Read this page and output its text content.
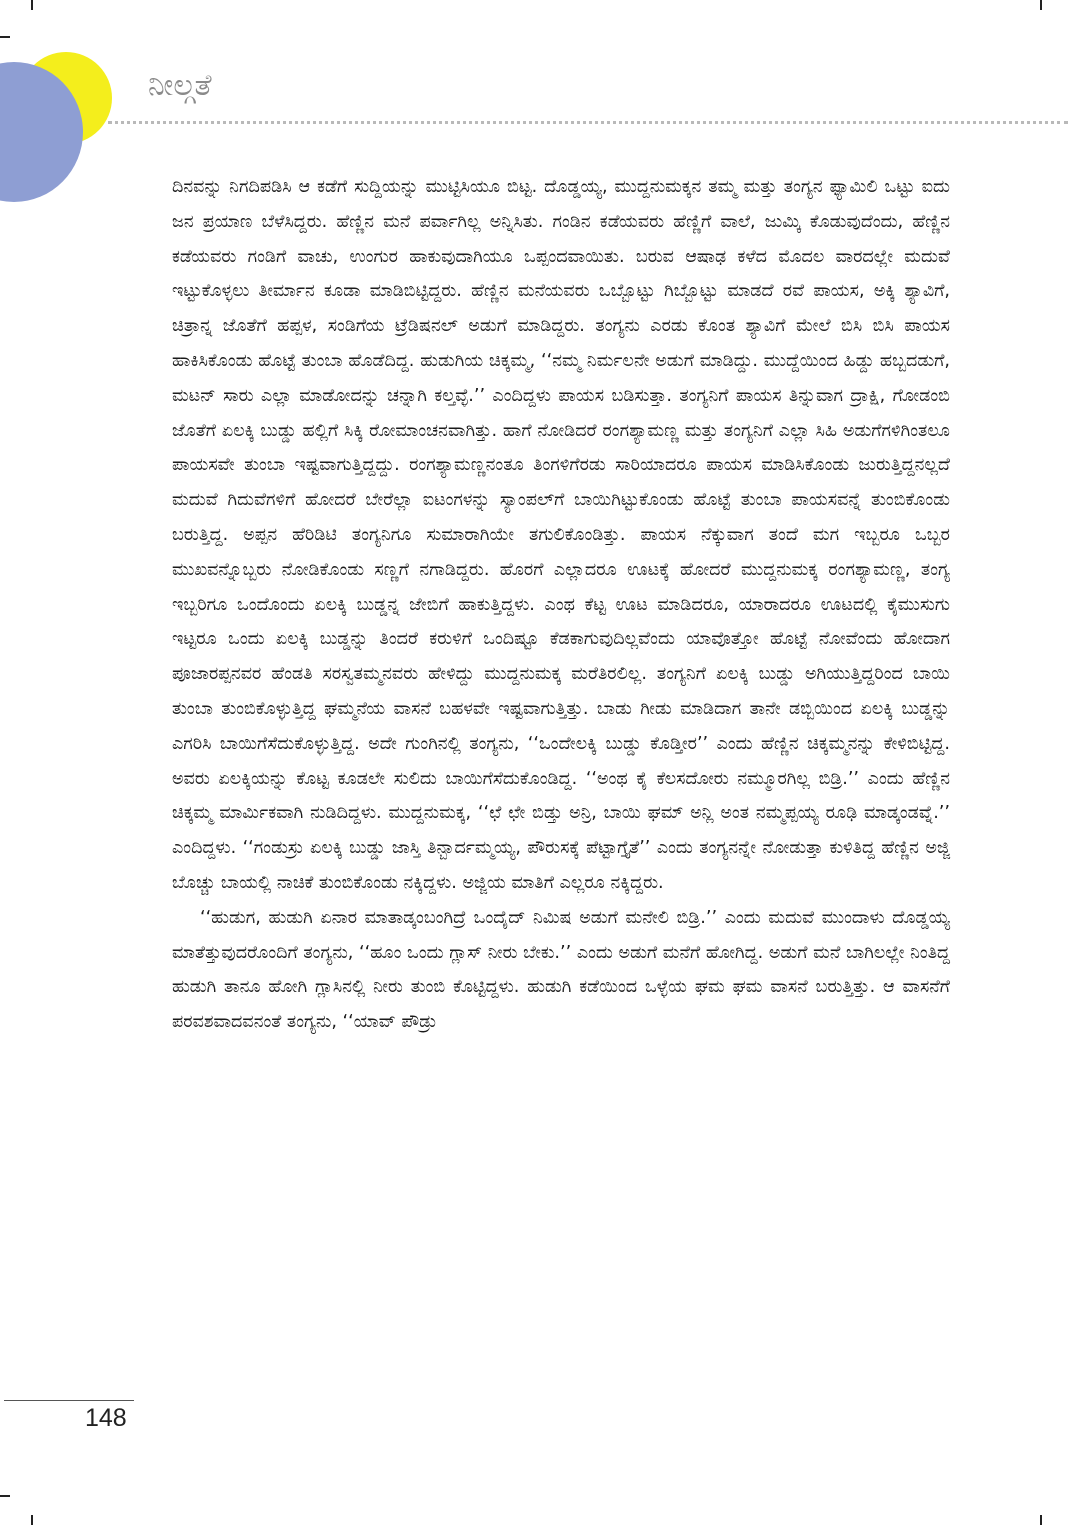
ನೀಲ್ಗತೆ

ದಿನವನ್ನು ನಿಗದಿಪಡಿಸಿ ಆ ಕಡೆಗೆ ಸುದ್ದಿಯನ್ನು ಮುಟ್ಟಿಸಿಯೂ ಬಿಟ್ಟ. ದೊಡ್ಡಯ್ಯ, ಮುದ್ದನುಮಕ್ಕನ ತಮ್ಮ ಮತ್ತು ತಂಗ್ಯನ ಫ್ಯಾಮಿಲಿ ಒಟ್ಟು ಐದು ಜನ ಪ್ರಯಾಣ ಬೆಳೆಸಿದ್ದರು. ಹೆಣ್ಣಿನ ಮನೆ ಪರ್ವಾಗಿಲ್ಲ ಅನ್ನಿಸಿತು. ಗಂಡಿನ ಕಡೆಯವರು ಹೆಣ್ಣಿಗೆ ವಾಲೆ, ಜುಮ್ಕಿ ಕೊಡುವುದೆಂದು, ಹೆಣ್ಣಿನ ಕಡೆಯವರು ಗಂಡಿಗೆ ವಾಚು, ಉಂಗುರ ಹಾಕುವುದಾಗಿಯೂ ಒಪ್ಪಂದವಾಯಿತು. ಬರುವ ಆಷಾಢ ಕಳೆದ ಮೊದಲ ವಾರದಲ್ಲೇ ಮದುವೆ ಇಟ್ಟುಕೊಳ್ಳಲು ತೀರ್ಮಾನ ಕೂಡಾ ಮಾಡಿಬಿಟ್ಟಿದ್ದರು. ಹೆಣ್ಣಿನ ಮನೆಯವರು ಒಬ್ಬೊಟ್ಟು ಗಿಬ್ಬೊಟ್ಟು ಮಾಡದೆ ರವೆ ಪಾಯಸ, ಅಕ್ಕಿ ಶ್ಯಾವಿಗೆ, ಚಿತ್ರಾನ್ನ ಜೊತೆಗೆ ಹಪ್ಪಳ, ಸಂಡಿಗೆಯ ಟ್ರೆಡಿಷನಲ್ ಅಡುಗೆ ಮಾಡಿದ್ದರು. ತಂಗ್ಯನು ಎರಡು ಕೊಂತ ಶ್ಯಾವಿಗೆ ಮೇಲೆ ಬಿಸಿ ಬಿಸಿ ಪಾಯಸ ಹಾಕಿಸಿಕೊಂಡು ಹೊಟ್ಟೆ ತುಂಬಾ ಹೊಡೆದಿದ್ದ. ಹುಡುಗಿಯ ಚಿಕ್ಕಮ್ಮ, ‘‘ನಮ್ಮ ನಿರ್ಮಲನೇ ಅಡುಗೆ ಮಾಡಿದ್ದು. ಮುದ್ದೆಯಿಂದ ಹಿಡ್ದು ಹಬ್ಬದಡುಗೆ, ಮಟನ್ ಸಾರು ಎಲ್ಲಾ ಮಾಡೋದನ್ನು ಚನ್ನಾಗಿ ಕಲ್ತವ್ಳೆ.’’ ಎಂದಿದ್ದಳು ಪಾಯಸ ಬಡಿಸುತ್ತಾ. ತಂಗ್ಯನಿಗೆ ಪಾಯಸ ತಿನ್ನುವಾಗ ದ್ರಾಕ್ಷಿ, ಗೋಡಂಬಿ ಜೊತೆಗೆ ಏಲಕ್ಕಿ ಬುಡ್ಡು ಹಲ್ಲಿಗೆ ಸಿಕ್ಕಿ ರೋಮಾಂಚನವಾಗಿತ್ತು. ಹಾಗೆ ನೋಡಿದರೆ ರಂಗಶ್ಯಾಮಣ್ಣ ಮತ್ತು ತಂಗ್ಯನಿಗೆ ಎಲ್ಲಾ ಸಿಹಿ ಅಡುಗೆಗಳಿಗಿಂತಲೂ ಪಾಯಸವೇ ತುಂಬಾ ಇಷ್ಟವಾಗುತ್ತಿದ್ದದ್ದು. ರಂಗಶ್ಯಾಮಣ್ಣನಂತೂ ತಿಂಗಳಿಗೆರಡು ಸಾರಿಯಾದರೂ ಪಾಯಸ ಮಾಡಿಸಿಕೊಂಡು ಜುರುತ್ತಿದ್ದನಲ್ಲದೆ ಮದುವೆ ಗಿದುವೆಗಳಿಗೆ ಹೋದರೆ ಬೇರೆಲ್ಲಾ ಐಟಂಗಳನ್ನು ಸ್ಯಾಂಪಲ್‌ಗೆ ಬಾಯಿಗಿಟ್ಟುಕೊಂಡು ಹೊಟ್ಟೆ ತುಂಬಾ ಪಾಯಸವನ್ನೆ ತುಂಬಿಕೊಂಡು ಬರುತ್ತಿದ್ದ. ಅಪ್ಪನ ಹೆರಿಡಿಟಿ ತಂಗ್ಯನಿಗೂ ಸುಮಾರಾಗಿಯೇ ತಗುಲಿಕೊಂಡಿತ್ತು. ಪಾಯಸ ನೆಕ್ಕುವಾಗ ತಂದೆ ಮಗ ಇಬ್ಬರೂ ಒಬ್ಬರ ಮುಖವನ್ನೊಬ್ಬರು ನೋಡಿಕೊಂಡು ಸಣ್ಣಗೆ ನಗಾಡಿದ್ದರು. ಹೊರಗೆ ಎಲ್ಲಾದರೂ ಊಟಕ್ಕೆ ಹೋದರೆ ಮುದ್ದನುಮಕ್ಕ ರಂಗಶ್ಯಾಮಣ್ಣ, ತಂಗ್ಯ ಇಬ್ಬರಿಗೂ ಒಂದೊಂದು ಏಲಕ್ಕಿ ಬುಡ್ಡನ್ನ ಜೇಬಿಗೆ ಹಾಕುತ್ತಿದ್ದಳು. ಎಂಥ ಕೆಟ್ಟ ಊಟ ಮಾಡಿದರೂ, ಯಾರಾದರೂ ಊಟದಲ್ಲಿ ಕೈಮುಸುಗು ಇಟ್ಟರೂ ಒಂದು ಏಲಕ್ಕಿ ಬುಡ್ಡನ್ನು ತಿಂದರೆ ಕರುಳಿಗೆ ಒಂದಿಷ್ಟೂ ಕೆಡಕಾಗುವುದಿಲ್ಲವೆಂದು ಯಾವೊತ್ತೋ ಹೊಟ್ಟೆ ನೋವೆಂದು ಹೋದಾಗ ಪೂಜಾರಪ್ಪನವರ ಹೆಂಡತಿ ಸರಸ್ವತಮ್ಮನವರು ಹೇಳಿದ್ದು ಮುದ್ದನುಮಕ್ಕ ಮರೆತಿರಲಿಲ್ಲ. ತಂಗ್ಯನಿಗೆ ಏಲಕ್ಕಿ ಬುಡ್ಡು ಅಗಿಯುತ್ತಿದ್ದರಿಂದ ಬಾಯಿ ತುಂಬಾ ತುಂಬಿಕೊಳ್ಳುತ್ತಿದ್ದ ಘಮ್ಮನೆಯ ವಾಸನೆ ಬಹಳವೇ ಇಷ್ಟವಾಗುತ್ತಿತ್ತು. ಬಾಡು ಗೀಡು ಮಾಡಿದಾಗ ತಾನೇ ಡಬ್ಬಿಯಿಂದ ಏಲಕ್ಕಿ ಬುಡ್ಡನ್ನು ಎಗರಿಸಿ ಬಾಯಿಗೆಸೆದುಕೊಳ್ಳುತ್ತಿದ್ದ. ಅದೇ ಗುಂಗಿನಲ್ಲಿ ತಂಗ್ಯನು, ‘‘ಒಂದೇಲಕ್ಕಿ ಬುಡ್ಡು ಕೊಡ್ತೀರ’’ ಎಂದು ಹೆಣ್ಣಿನ ಚಿಕ್ಕಮ್ಮನನ್ನು ಕೇಳಿಬಿಟ್ಟಿದ್ದ. ಅವರು ಏಲಕ್ಕಿಯನ್ನು ಕೊಟ್ಟ ಕೂಡಲೇ ಸುಲಿದು ಬಾಯಿಗೆಸೆದುಕೊಂಡಿದ್ದ. ‘‘ಅಂಥ ಕೈ ಕೆಲಸದೋರು ನಮ್ಮೂರಗಿಲ್ಲ ಬಿಡ್ರಿ.’’ ಎಂದು ಹೆಣ್ಣಿನ ಚಿಕ್ಕಮ್ಮ ಮಾರ್ಮಿಕವಾಗಿ ನುಡಿದಿದ್ದಳು. ಮುದ್ದನುಮಕ್ಕ, ‘‘ಛೆ ಛೇ ಬಿಡ್ತು ಅನ್ರಿ, ಬಾಯಿ ಘಮ್ ಅನ್ಲಿ ಅಂತ ನಮ್ಮಪ್ಪಯ್ಯ ರೂಢಿ ಮಾಡ್ಕಂಡವ್ನೆ.’’ ಎಂದಿದ್ದಳು. ‘‘ಗಂಡುಸ್ರು ಏಲಕ್ಕಿ ಬುಡ್ಡು ಜಾಸ್ತಿ ತಿನ್ಬಾರ್ದಮ್ಮಯ್ಯ, ಪೌರುಸಕ್ಕೆ ಪೆಟ್ಟಾಗ್ತೈತೆ’’ ಎಂದು ತಂಗ್ಯನನ್ನೇ ನೋಡುತ್ತಾ ಕುಳಿತಿದ್ದ ಹೆಣ್ಣಿನ ಅಜ್ಜಿ ಬೊಚ್ಚು ಬಾಯಲ್ಲಿ ನಾಚಿಕೆ ತುಂಬಿಕೊಂಡು ನಕ್ಕಿದ್ದಳು. ಅಜ್ಜಿಯ ಮಾತಿಗೆ ಎಲ್ಲರೂ ನಕ್ಕಿದ್ದರು.

‘‘ಹುಡುಗ, ಹುಡುಗಿ ಏನಾರ ಮಾತಾಡ್ಕಂಬಂಗಿದ್ರೆ ಒಂದೈದ್ ನಿಮಿಷ ಅಡುಗೆ ಮನೇಲಿ ಬಿಡ್ರಿ.’’ ಎಂದು ಮದುವೆ ಮುಂದಾಳು ದೊಡ್ಡಯ್ಯ ಮಾತೆತ್ತುವುದರೊಂದಿಗೆ ತಂಗ್ಯನು, ‘‘ಹೂಂ ಒಂದು ಗ್ಲಾಸ್ ನೀರು ಬೇಕು.’’ ಎಂದು ಅಡುಗೆ ಮನೆಗೆ ಹೋಗಿದ್ದ. ಅಡುಗೆ ಮನೆ ಬಾಗಿಲಲ್ಲೇ ನಿಂತಿದ್ದ ಹುಡುಗಿ ತಾನೂ ಹೋಗಿ ಗ್ಲಾಸಿನಲ್ಲಿ ನೀರು ತುಂಬಿ ಕೊಟ್ಟಿದ್ದಳು. ಹುಡುಗಿ ಕಡೆಯಿಂದ ಒಳ್ಳೆಯ ಘಮ ಘಮ ವಾಸನೆ ಬರುತ್ತಿತ್ತು. ಆ ವಾಸನೆಗೆ ಪರವಶವಾದವನಂತೆ ತಂಗ್ಯನು, ‘‘ಯಾವ್ ಪೌಡ್ರು

148
